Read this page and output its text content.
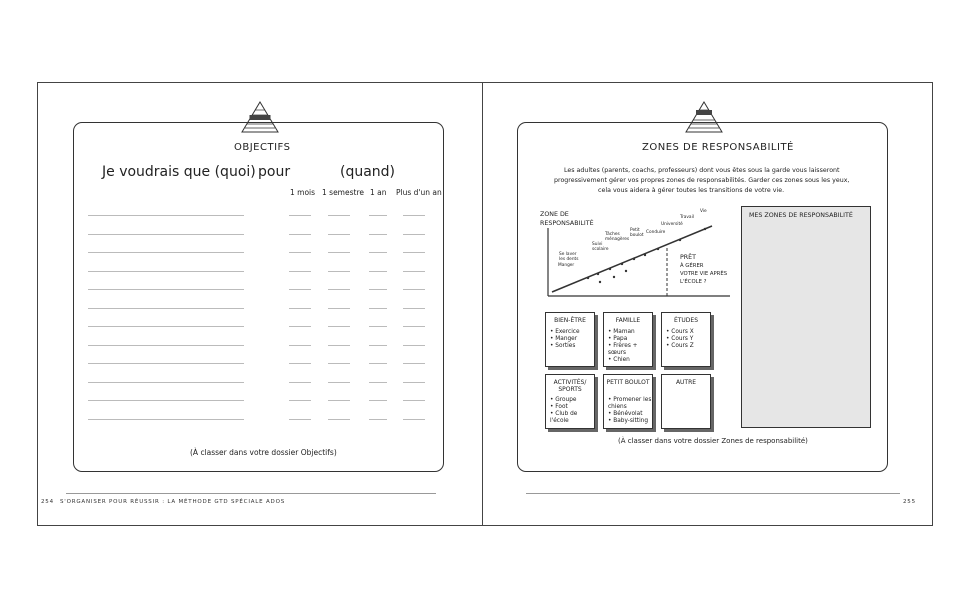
OBJECTIFS
Je voudrais que (quoi) pour	(quand)
1 mois 1 semestre 1 an Plus d'un an
(À classer dans votre dossier Objectifs)
254 S'ORGANISER POUR RÉUSSIR : LA MÉTHODE GTD SPÉCIALE ADOS
ZONES DE RESPONSABILITÉ
Les adultes (parents, coachs, professeurs) dont vous êtes sous la garde vous laisseront
progressivement gérer vos propres zones de responsabilités. Garder ces zones sous les yeux,
cela vous aidera à gérer toutes les transitions de votre vie.
ZONE DE
RESPONSABILITÉ
Manger
Se laver les dents
Suivi scolaire
Tâches ménagères
Petit boulot
Conduire
Université
Travail
Vie
PRÊT
À GÉRER
VOTRE VIE APRÈS
L'ÉCOLE ?
MES ZONES DE RESPONSABILITÉ
BIEN-ÊTRE
• Exercice
• Manger
• Sorties
FAMILLE
• Maman
• Papa
• Frères + sœurs
• Chien
ÉTUDES
• Cours X
• Cours Y
• Cours Z
ACTIVITÉS/ SPORTS
• Groupe
• Foot
• Club de l'école
PETIT BOULOT
• Promener les chiens
• Bénévolat
• Baby-sitting
AUTRE
(À classer dans votre dossier Zones de responsabilité)
255
